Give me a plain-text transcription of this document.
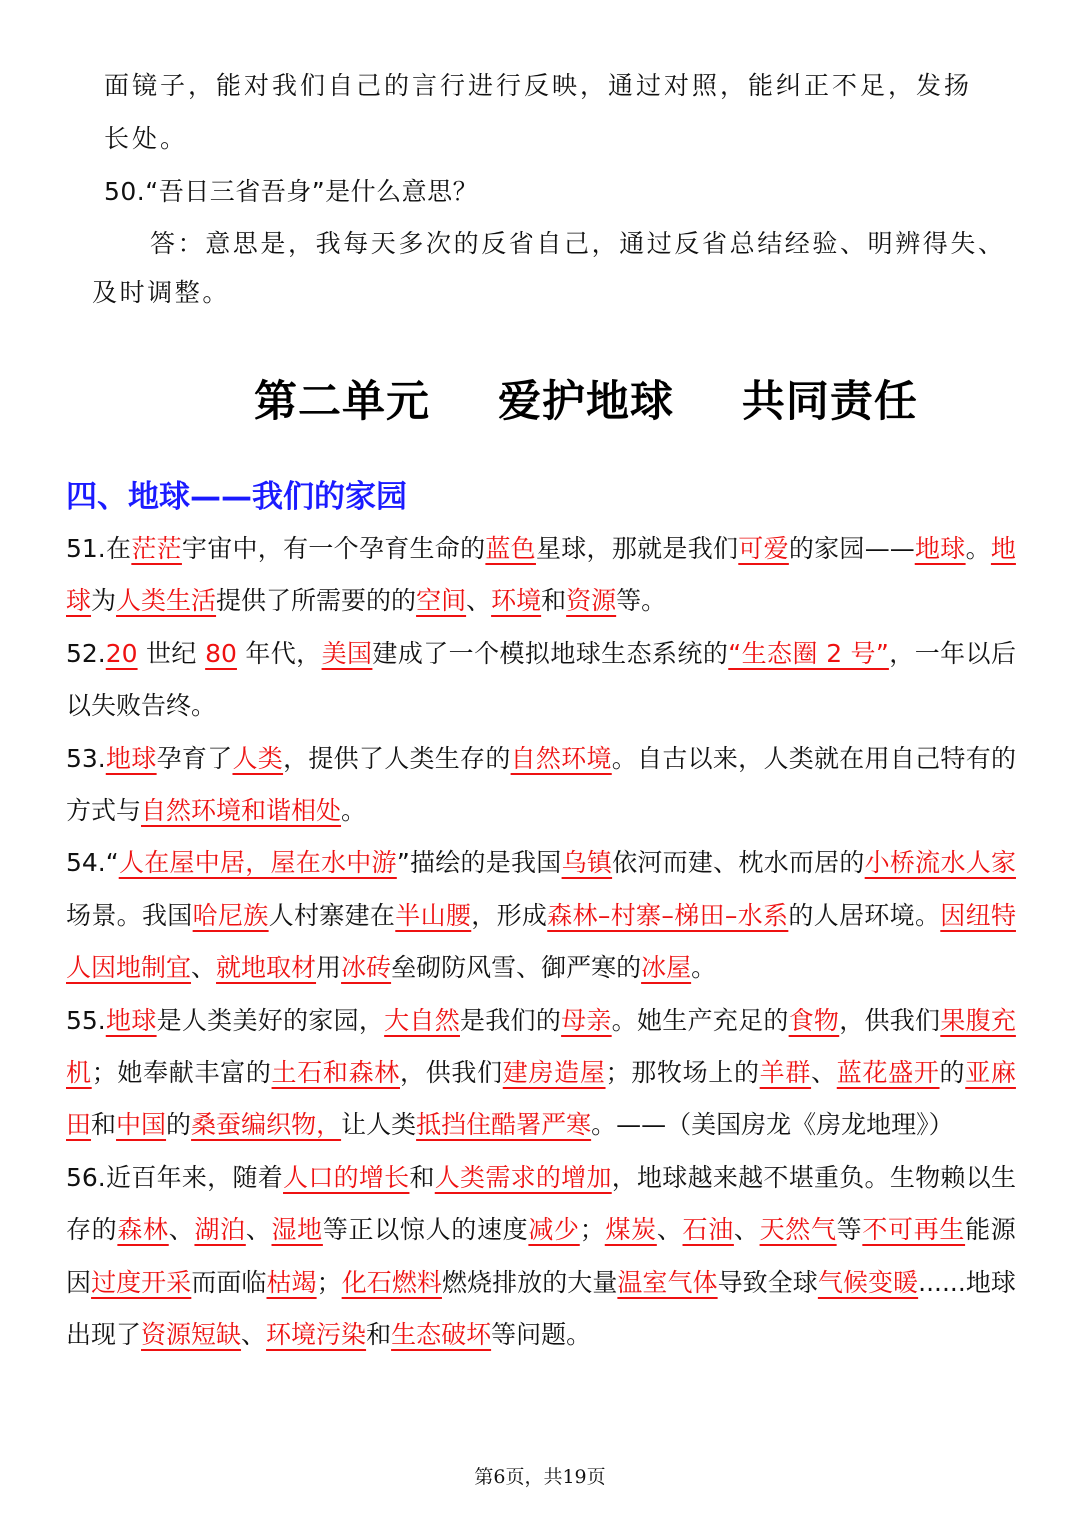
面镜子，能对我们自己的言行进行反映，通过对照，能纠正不足，发扬
长处。
50.“吾日三省吾身”是什么意思？
答：意思是，我每天多次的反省自己，通过反省总结经验、明辨得失、
及时调整。
第二单元  爱护地球  共同责任
四、地球——我们的家园

51.在茫茫宇宙中，有一个孕育生命的蓝色星球，那就是我们可爱的家园——地球。地球为人类生活提供了所需要的的空间、环境和资源等。

52.20 世纪 80 年代，美国建成了一个模拟地球生态系统的“生态圈 2 号”，一年以后以失败告终。

53.地球孕育了人类，提供了人类生存的自然环境。自古以来，人类就在用自己特有的方式与自然环境和谐相处。

54.“人在屋中居，屋在水中游”描绘的是我国乌镇依河而建、枕水而居的小桥流水人家场景。我国哈尼族人村寨建在半山腰，形成森林–村寨–梯田–水系的人居环境。因纽特人因地制宜、就地取材用冰砖垒砌防风雪、御严寒的冰屋。

55.地球是人类美好的家园，大自然是我们的母亲。她生产充足的食物，供我们果腹充机；她奉献丰富的土石和森林，供我们建房造屋；那牧场上的羊群、蓝花盛开的亚麻田和中国的桑蚕编织物，让人类抵挡住酷署严寒。——（美国房龙《房龙地理》）

56.近百年来，随着人口的增长和人类需求的增加，地球越来越不堪重负。生物赖以生存的森林、湖泊、湿地等正以惊人的速度减少；煤炭、石油、天然气等不可再生能源因过度开采而面临枯竭；化石燃料燃烧排放的大量温室气体导致全球气候变暖......地球出现了资源短缺、环境污染和生态破坏等问题。

第6页，共19页
